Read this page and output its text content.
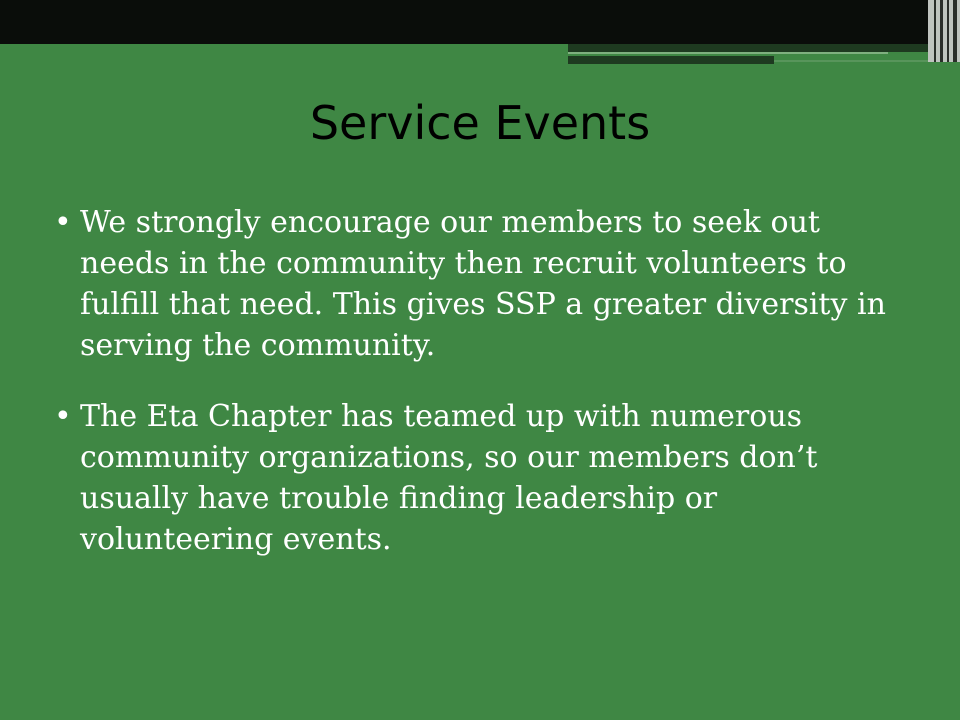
Service Events
• We strongly encourage our members to seek out needs in the community then recruit volunteers to fulfill that need. This gives SSP a greater diversity in serving the community.
• The Eta Chapter has teamed up with numerous community organizations, so our members don’t usually have trouble finding leadership or volunteering events.
